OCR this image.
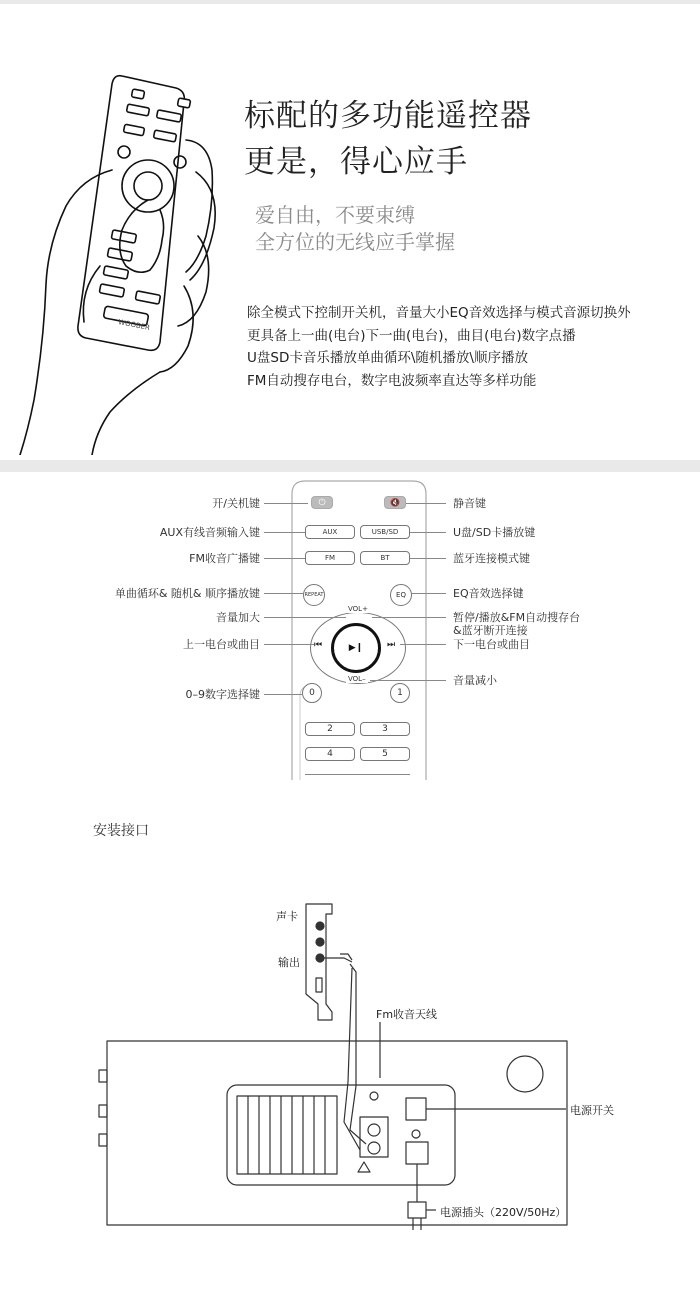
WOOBER
标配的多功能遥控器
更是，得心应手
爱自由，不要束缚
全方位的无线应手掌握
除全模式下控制开关机，音量大小EQ音效选择与模式音源切换外
更具备上一曲(电台)下一曲(电台)，曲目(电台)数字点播
U盘SD卡音乐播放单曲循环\随机播放\顺序播放
FM自动搜存电台，数字电波频率直达等多样功能
⏻	🔇
AUX	USB/SD
FM	BT
REPEAT	EQ
VOL+
VOL–
⏮	⏭
▶❙
0	1
2	3
4	5
开/关机键
AUX有线音频输入键
FM收音广播键
单曲循环& 随机& 顺序播放键
音量加大
上一电台或曲目
0–9数字选择键
静音键
U盘/SD卡播放键
蓝牙连接模式键
EQ音效选择键
暂停/播放&FM自动搜存台
&蓝牙断开连接
下一电台或曲目
音量减小
安装接口
声卡
输出
Fm收音天线
电源开关
电源插头（220V/50Hz）
